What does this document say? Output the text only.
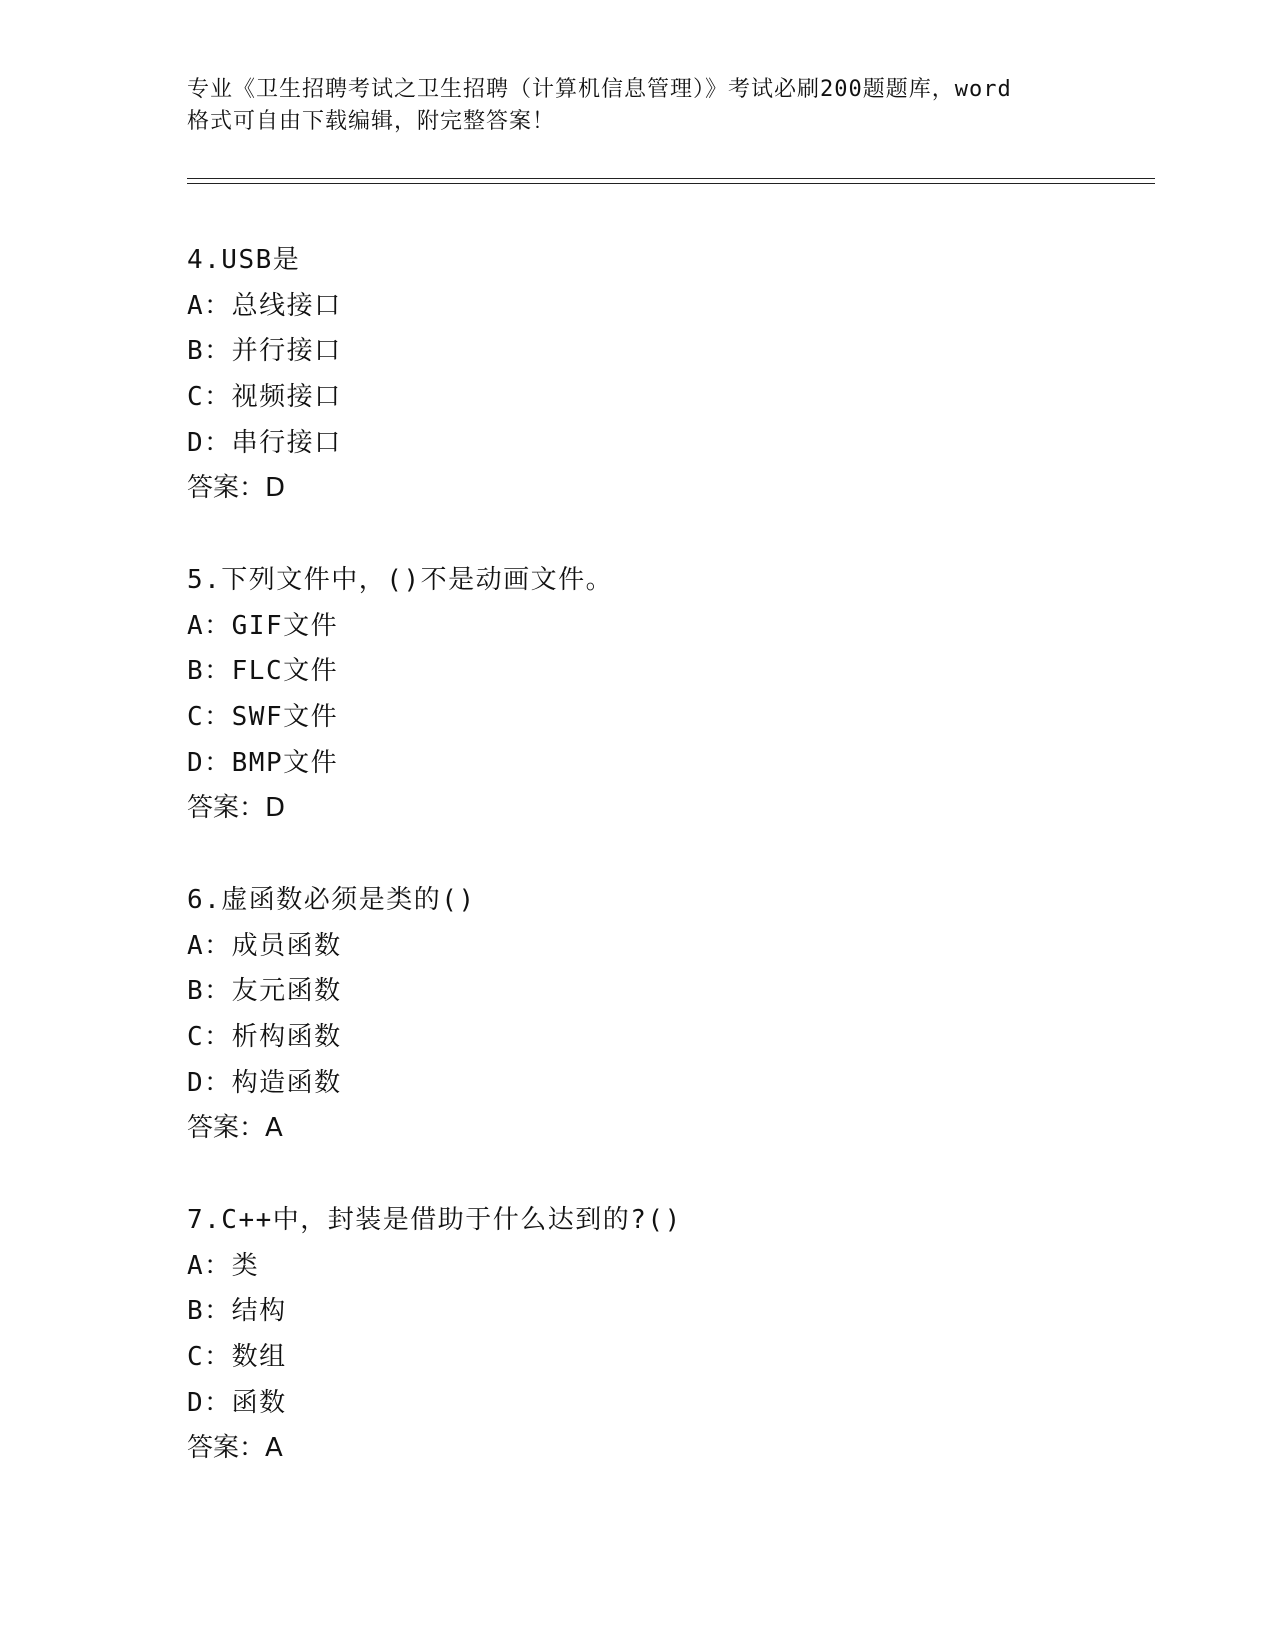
专业《卫生招聘考试之卫生招聘（计算机信息管理）》考试必刷200题题库，word
格式可自由下载编辑，附完整答案！
4.USB是
A：总线接口
B：并行接口
C：视频接口
D：串行接口
答案：D
5.下列文件中，()不是动画文件。
A：GIF文件
B：FLC文件
C：SWF文件
D：BMP文件
答案：D
6.虚函数必须是类的()
A：成员函数
B：友元函数
C：析构函数
D：构造函数
答案：A
7.C++中，封装是借助于什么达到的?()
A：类
B：结构
C：数组
D：函数
答案：A
